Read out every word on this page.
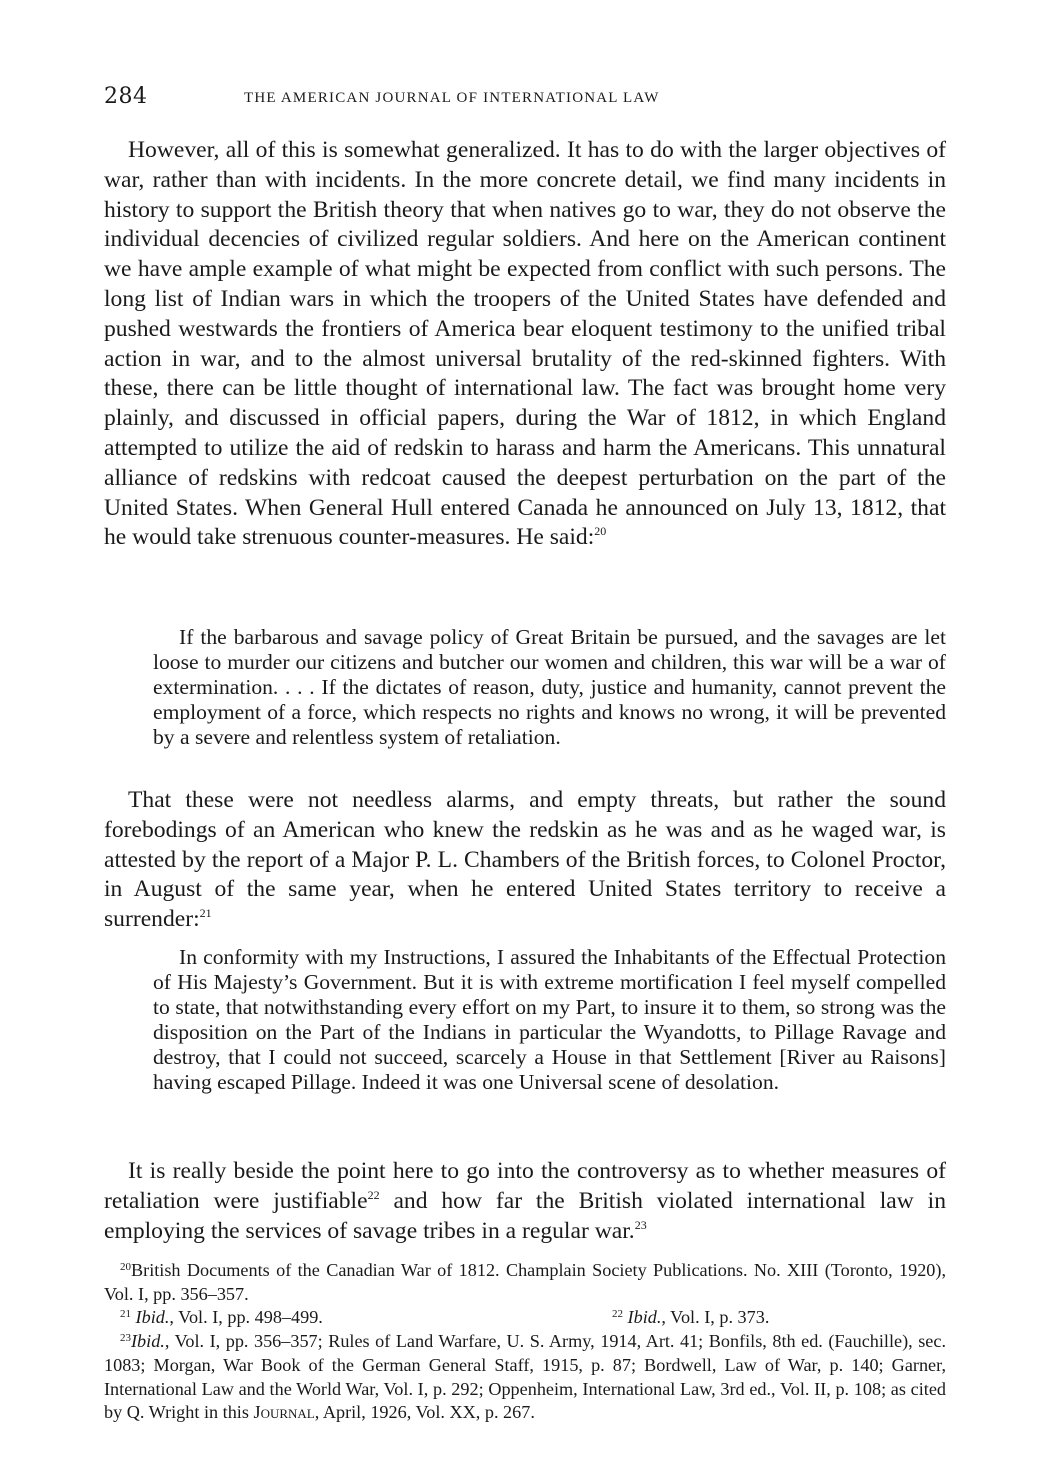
284	THE AMERICAN JOURNAL OF INTERNATIONAL LAW

However, all of this is somewhat generalized. It has to do with the larger objectives of war, rather than with incidents. In the more concrete detail, we find many incidents in history to support the British theory that when natives go to war, they do not observe the individual decencies of civilized regular soldiers. And here on the American continent we have ample example of what might be expected from conflict with such persons. The long list of Indian wars in which the troopers of the United States have defended and pushed westwards the frontiers of America bear eloquent testimony to the unified tribal action in war, and to the almost universal brutality of the red-skinned fighters. With these, there can be little thought of international law. The fact was brought home very plainly, and discussed in official papers, during the War of 1812, in which England attempted to utilize the aid of redskin to harass and harm the Americans. This unnatural alliance of redskins with redcoat caused the deepest perturbation on the part of the United States. When General Hull entered Canada he announced on July 13, 1812, that he would take strenuous counter-measures. He said:$^{20}$

If the barbarous and savage policy of Great Britain be pursued, and the savages are let loose to murder our citizens and butcher our women and children, this war will be a war of extermination. . . . If the dictates of reason, duty, justice and humanity, cannot prevent the employment of a force, which respects no rights and knows no wrong, it will be prevented by a severe and relentless system of retaliation.

That these were not needless alarms, and empty threats, but rather the sound forebodings of an American who knew the redskin as he was and as he waged war, is attested by the report of a Major P. L. Chambers of the British forces, to Colonel Proctor, in August of the same year, when he entered United States territory to receive a surrender:$^{21}$

In conformity with my Instructions, I assured the Inhabitants of the Effectual Protection of His Majesty’s Government. But it is with extreme mortification I feel myself compelled to state, that notwithstanding every effort on my Part, to insure it to them, so strong was the disposition on the Part of the Indians in particular the Wyandotts, to Pillage Ravage and destroy, that I could not succeed, scarcely a House in that Settlement [River au Raisons] having escaped Pillage. Indeed it was one Universal scene of desolation.

It is really beside the point here to go into the controversy as to whether measures of retaliation were justifiable$^{22}$ and how far the British violated international law in employing the services of savage tribes in a regular war.$^{23}$

$^{20}$British Documents of the Canadian War of 1812. Champlain Society Publications. No. XIII (Toronto, 1920), Vol. I, pp. 356–357.

$^{21}$ Ibid., Vol. I, pp. 498–499.	$^{22}$ Ibid., Vol. I, p. 373.

$^{23}$Ibid., Vol. I, pp. 356–357; Rules of Land Warfare, U. S. Army, 1914, Art. 41; Bonfils, 8th ed. (Fauchille), sec. 1083; Morgan, War Book of the German General Staff, 1915, p. 87; Bordwell, Law of War, p. 140; Garner, International Law and the World War, Vol. I, p. 292; Oppenheim, International Law, 3rd ed., Vol. II, p. 108; as cited by Q. Wright in this Journal, April, 1926, Vol. XX, p. 267.
